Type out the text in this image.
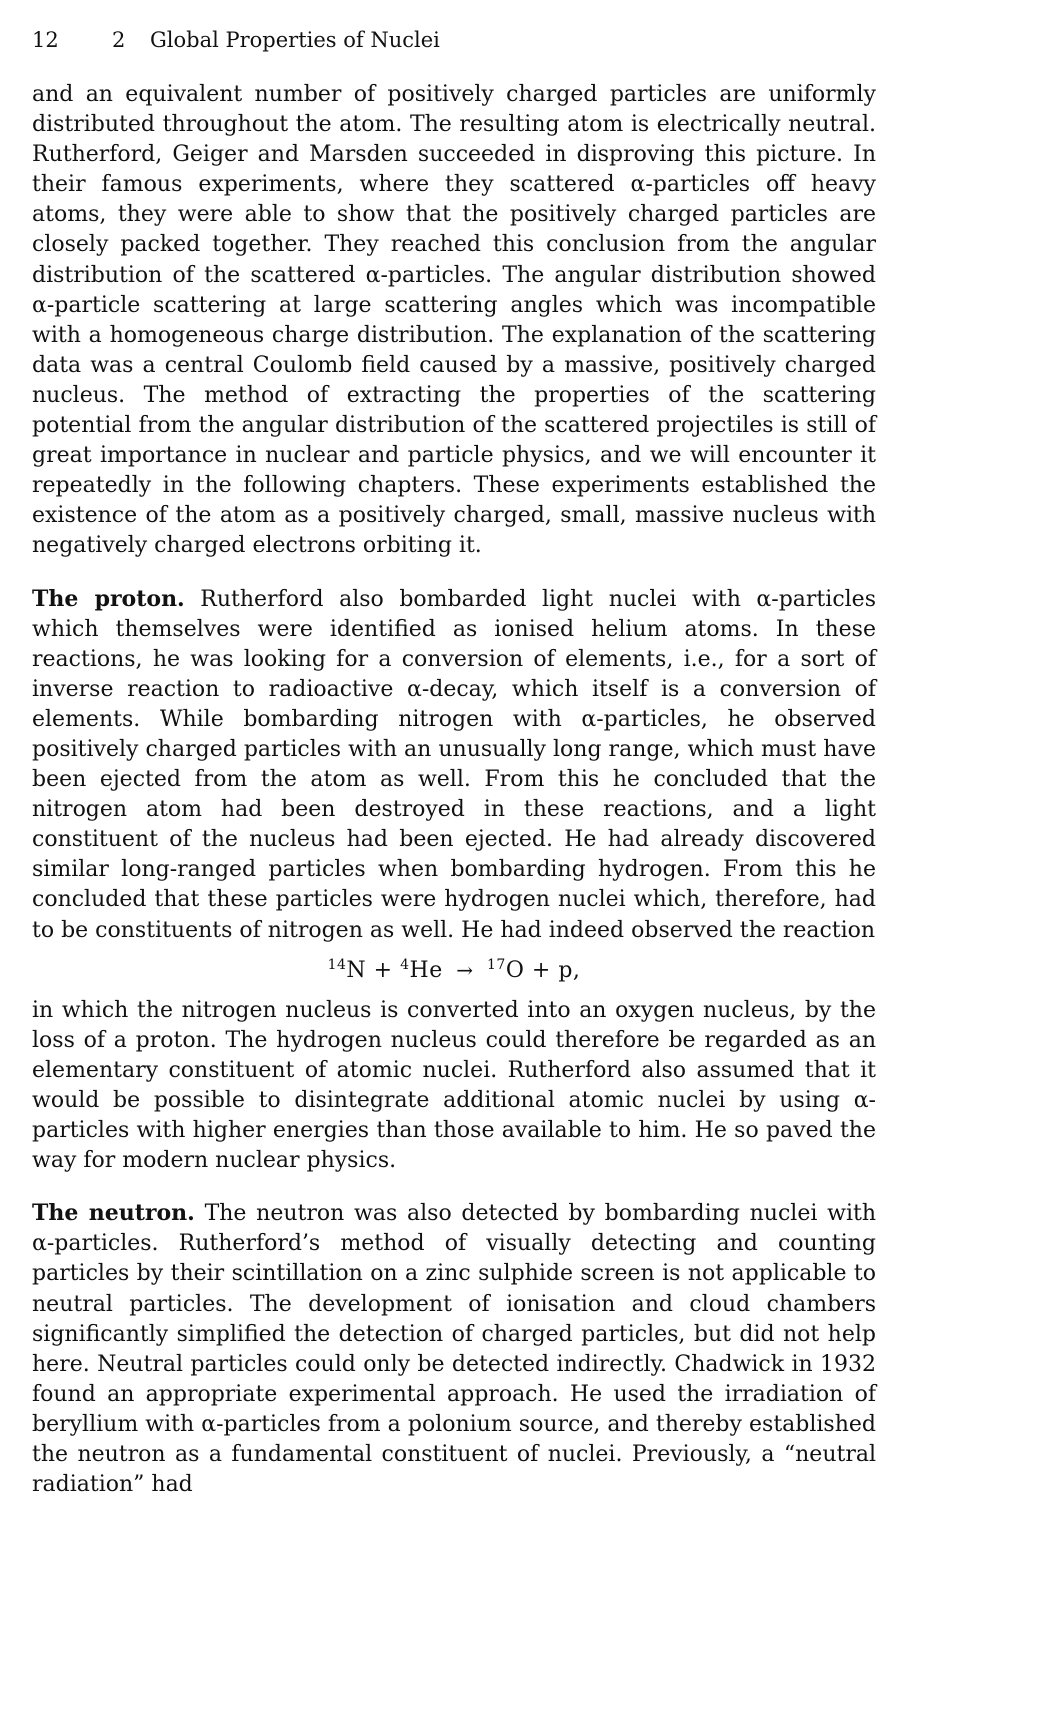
12	2 Global Properties of Nuclei

and an equivalent number of positively charged particles are uniformly distributed throughout the atom. The resulting atom is electrically neutral. Rutherford, Geiger and Marsden succeeded in disproving this picture. In their famous experiments, where they scattered α-particles off heavy atoms, they were able to show that the positively charged particles are closely packed together. They reached this conclusion from the angular distribution of the scattered α-particles. The angular distribution showed α-particle scattering at large scattering angles which was incompatible with a homogeneous charge distribution. The explanation of the scattering data was a central Coulomb field caused by a massive, positively charged nucleus. The method of extracting the properties of the scattering potential from the angular distribution of the scattered projectiles is still of great importance in nuclear and particle physics, and we will encounter it repeatedly in the following chapters. These experiments established the existence of the atom as a positively charged, small, massive nucleus with negatively charged electrons orbiting it.

The proton. Rutherford also bombarded light nuclei with α-particles which themselves were identified as ionised helium atoms. In these reactions, he was looking for a conversion of elements, i.e., for a sort of inverse reaction to radioactive α-decay, which itself is a conversion of elements. While bombarding nitrogen with α-particles, he observed positively charged particles with an unusually long range, which must have been ejected from the atom as well. From this he concluded that the nitrogen atom had been destroyed in these reactions, and a light constituent of the nucleus had been ejected. He had already discovered similar long-ranged particles when bombarding hydrogen. From this he concluded that these particles were hydrogen nuclei which, therefore, had to be constituents of nitrogen as well. He had indeed observed the reaction

$^{14}$N + $^4$He → $^{17}$O + p,

in which the nitrogen nucleus is converted into an oxygen nucleus, by the loss of a proton. The hydrogen nucleus could therefore be regarded as an elementary constituent of atomic nuclei. Rutherford also assumed that it would be possible to disintegrate additional atomic nuclei by using α-particles with higher energies than those available to him. He so paved the way for modern nuclear physics.

The neutron. The neutron was also detected by bombarding nuclei with α-particles. Rutherford’s method of visually detecting and counting particles by their scintillation on a zinc sulphide screen is not applicable to neutral particles. The development of ionisation and cloud chambers significantly simplified the detection of charged particles, but did not help here. Neutral particles could only be detected indirectly. Chadwick in 1932 found an appropriate experimental approach. He used the irradiation of beryllium with α-particles from a polonium source, and thereby established the neutron as a fundamental constituent of nuclei. Previously, a “neutral radiation” had
